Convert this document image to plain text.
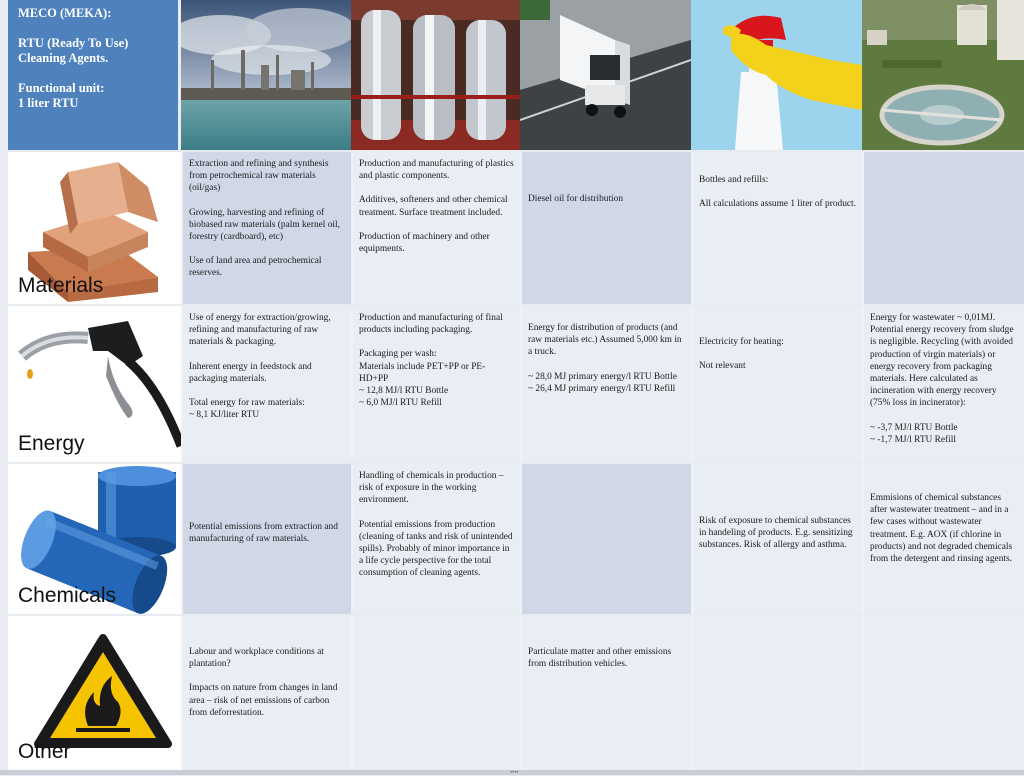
MECO (MEKA):

RTU (Ready To Use)
Cleaning Agents.

Functional unit:
1 liter RTU

Materials

Extraction and refining and synthesis from petrochemical raw materials (oil/gas)

Growing, harvesting and refining of biobased raw materials (palm kernel oil, forestry (cardboard), etc)

Use of land area and petrochemical reserves.

Production and manufacturing of plastics and plastic components.

Additives, softeners and other chemical treatment. Surface treatment included.

Production of machinery and other equipments.

Diesel oil for distribution

Bottles and refills:

All calculations assume 1 liter of product.

Energy

Use of energy for extraction/growing, refining and manufacturing of raw materials & packaging.

Inherent energy in feedstock and packaging materials.

Total energy for raw materials:
~ 8,1 KJ/liter RTU

Production and manufacturing of final products including packaging.

Packaging per wash:
Materials include PET+PP or PE-HD+PP
~ 12,8 MJ/l RTU Bottle
~ 6,0 MJ/l RTU Refill

Energy for distribution of products (and raw materials etc.) Assumed 5,000 km in a truck.

~ 28,0 MJ primary energy/l RTU Bottle
~ 26,4 MJ primary energy/l RTU Refill

Electricity for heating:

Not relevant

Energy for wastewater ~ 0,01MJ. Potential energy recovery from sludge is negligible. Recycling (with avoided production of virgin materials) or energy recovery from packaging materials. Here calculated as incineration with energy recovery (75% loss in incinerator):

~ -3,7 MJ/l RTU Bottle
~ -1,7 MJ/l RTU Refill

Chemicals

Potential emissions from extraction and manufacturing of raw materials.

Handling of chemicals in production – risk of exposure in the working environment.

Potential emissions from production (cleaning of tanks and risk of unintended spills). Probably of minor importance in a life cycle perspective for the total consumption of cleaning agents.

Risk of exposure to chemical substances in handeling of products. E.g. sensitizing substances. Risk of allergy and asthma.

Emmisions of chemical substances after wastewater treatment – and in a few cases without wastewater treatment. E.g. AOX (if chlorine in products) and not degraded chemicals from the detergent and rinsing agents.

Other

Labour and workplace conditions at plantation?

Impacts on nature from changes in land area – risk of net emissions of carbon from deforrestation.

Particulate matter and other emissions from distribution vehicles.

••••
